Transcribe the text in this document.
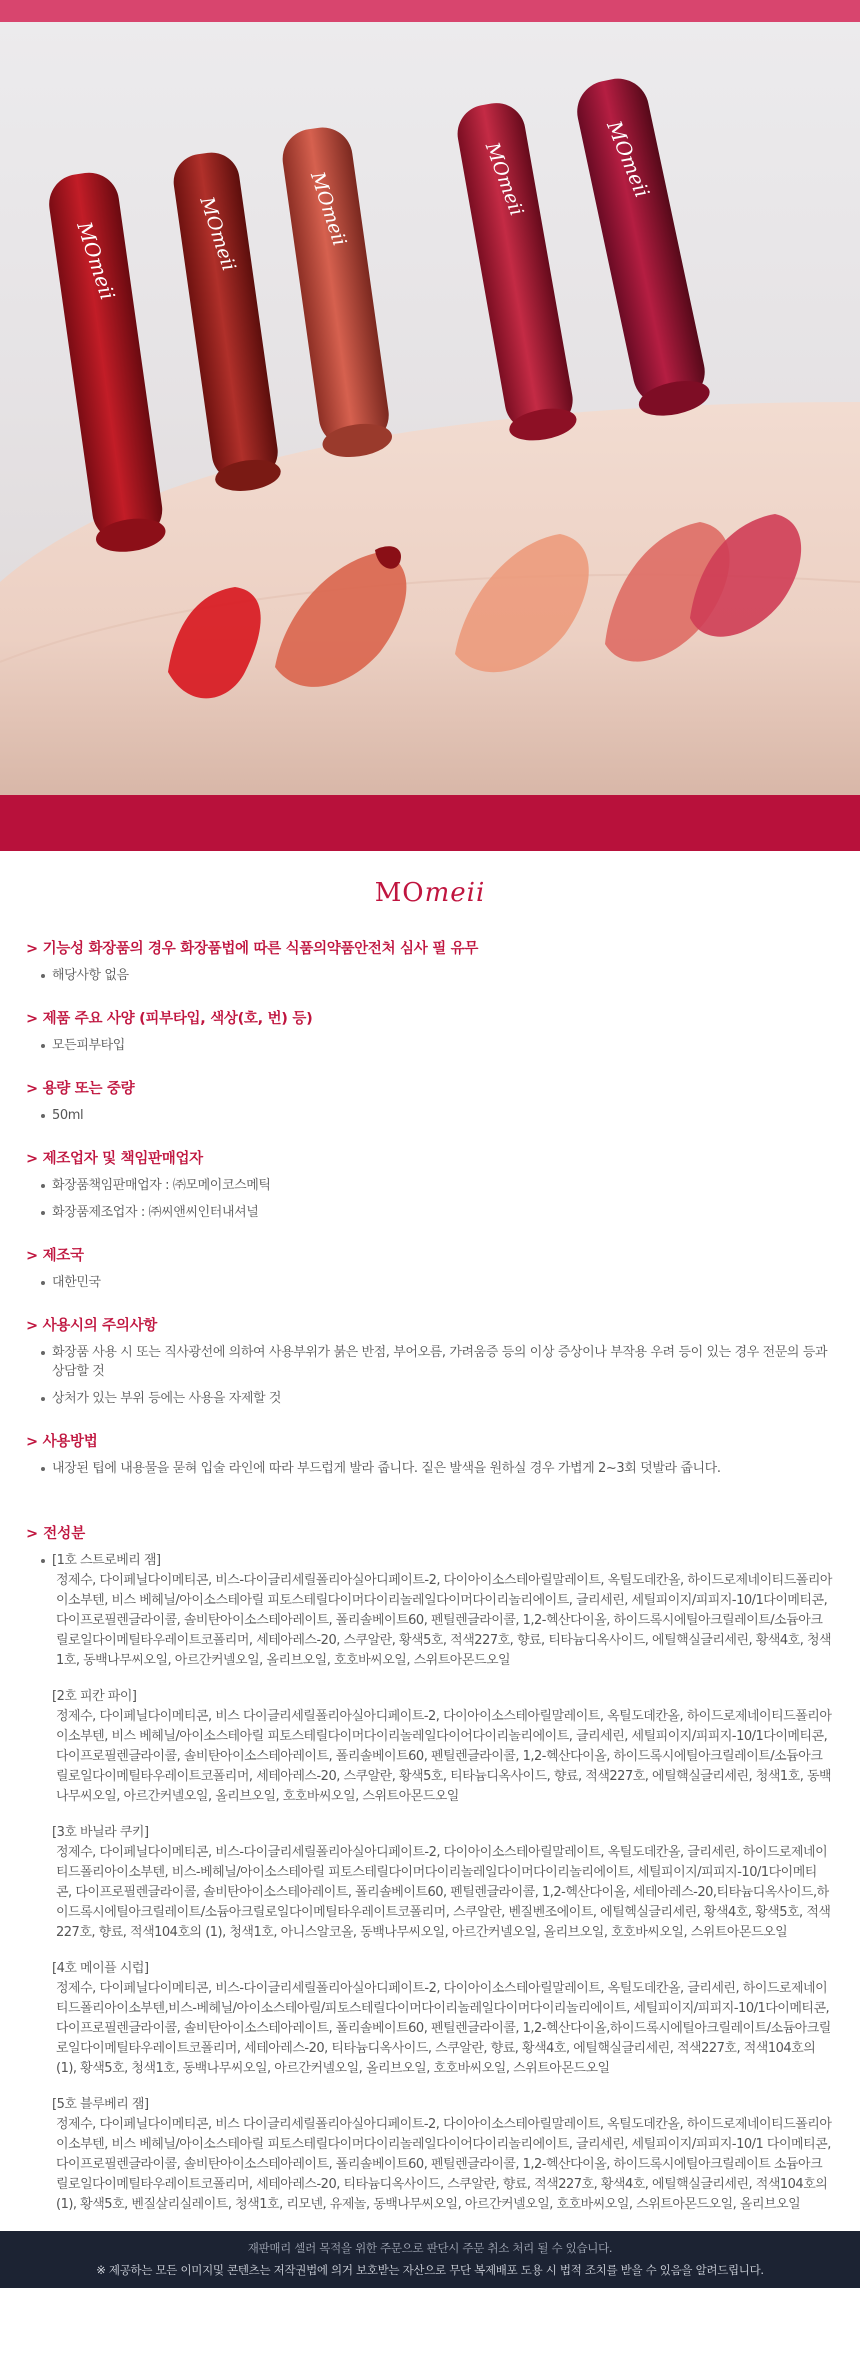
MOmeii	MOmeii	MOmeii	MOmeii	MOmeii
MOmeii
> 기능성 화장품의 경우 화장품법에 따른 식품의약품안전처 심사 필 유무
해당사항 없음
> 제품 주요 사양 (피부타입, 색상(호, 번) 등)
모든피부타입
> 용량 또는 중량
50ml
> 제조업자 및 책임판매업자
화장품책임판매업자 : ㈜모메이코스메틱
화장품제조업자 : ㈜씨앤씨인터내셔널
> 제조국
대한민국
> 사용시의 주의사항
화장품 사용 시 또는 직사광선에 의하여 사용부위가 붉은 반점, 부어오름, 가려움증 등의 이상 증상이나 부작용 우려 등이 있는 경우 전문의 등과 상담할 것
상처가 있는 부위 등에는 사용을 자제할 것
> 사용방법
내장된 팁에 내용물을 묻혀 입술 라인에 따라 부드럽게 발라 줍니다. 짙은 발색을 원하실 경우 가볍게 2~3회 덧발라 줍니다.
> 전성분
[1호 스트로베리 잼]
정제수, 다이페닐다이메티콘, 비스-다이글리세릴폴리아실아디페이트-2, 다이아이소스테아릴말레이트, 옥틸도데칸올, 하이드로제네이티드폴리아이소부텐, 비스 베헤닐/아이소스테아릴 피토스테릴다이머다이리놀레일다이머다이리놀리에이트, 글리세린, 세틸피이지/피피지-10/1다이메티콘, 다이프로필렌글라이콜, 솔비탄아이소스테아레이트, 폴리솔베이트60, 펜틸렌글라이콜, 1,2-헥산다이올, 하이드록시에틸아크릴레이트/소듐아크릴로일다이메틸타우레이트코폴리머, 세테아레스-20, 스쿠알란, 황색5호, 적색227호, 향료, 티타늄디옥사이드, 에틸핵실글리세린, 황색4호, 청색1호, 동백나무씨오일, 아르간커넬오일, 올리브오일, 호호바씨오일, 스위트아몬드오일
[2호 피칸 파이]
정제수, 다이페닐다이메티콘, 비스 다이글리세릴폴리아실아디페이트-2, 다이아이소스테아릴말레이트, 옥틸도데칸올, 하이드로제네이티드폴리아이소부텐, 비스 베헤닐/아이소스테아릴 피토스테릴다이머다이리놀레일다이어다이리놀리에이트, 글리세린, 세틸피이지/피피지-10/1다이메티콘, 다이프로필렌글라이콜, 솔비탄아이소스테아레이트, 폴리솔베이트60, 펜틸렌글라이콜, 1,2-헥산다이올, 하이드록시에틸아크릴레이트/소듐아크릴로일다이메틸타우레이트코폴리머, 세테아레스-20, 스쿠알란, 황색5호, 티타늄디옥사이드, 향료, 적색227호, 에틸핵실글리세린, 청색1호, 동백나무씨오일, 아르간커넬오일, 올리브오일, 호호바씨오일, 스위트아몬드오일
[3호 바닐라 쿠키]
정제수, 다이페닐다이메티콘, 비스-다이글리세릴폴리아실아디페이트-2, 다이아이소스테아릴말레이트, 옥틸도데칸올, 글리세린, 하이드로제네이티드폴리아이소부텐, 비스-베헤닐/아이소스테아릴 피토스테릴다이머다이리놀레일다이머다이리놀리에이트, 세틸피이지/피피지-10/1다이메티콘, 다이프로필렌글라이콜, 솔비탄아이소스테아레이트, 폴리솔베이트60, 펜틸렌글라이콜, 1,2-헥산다이올, 세테아레스-20,티타늄디옥사이드,하이드록시에틸아크릴레이트/소듐아크릴로일다이메틸타우레이트코폴리머, 스쿠알란, 벤질벤조에이트, 에틸헥실글리세린, 황색4호, 황색5호, 적색227호, 향료, 적색104호의 (1), 청색1호, 아니스알코올, 동백나무씨오일, 아르간커넬오일, 올리브오일, 호호바씨오일, 스위트아몬드오일
[4호 메이플 시럽]
정제수, 다이페닐다이메티콘, 비스-다이글리세릴폴리아실아디페이트-2, 다이아이소스테아릴말레이트, 옥틸도데칸올, 글리세린, 하이드로제네이티드폴리아이소부텐,비스-베헤닐/아이소스테아릴/피토스테릴다이머다이리놀레일다이머다이리놀리에이트, 세틸피이지/피피지-10/1다이메티콘, 다이프로필렌글라이콜, 솔비탄아이소스테아레이트, 폴리솔베이트60, 펜틸렌글라이콜, 1,2-헥산다이올,하이드록시에틸아크릴레이트/소듐아크릴로일다이메틸타우레이트코폴리머, 세테아레스-20, 티타늄디옥사이드, 스쿠알란, 향료, 황색4호, 에틸핵실글리세린, 적색227호, 적색104호의(1), 황색5호, 청색1호, 동백나무씨오일, 아르간커넬오일, 올리브오일, 호호바씨오일, 스위트아몬드오일
[5호 블루베리 잼]
정제수, 다이페닐다이메티콘, 비스 다이글리세릴폴리아실아디페이트-2, 다이아이소스테아릴말레이트, 옥틸도데칸올, 하이드로제네이티드폴리아이소부텐, 비스 베헤닐/아이소스테아릴 피토스테릴다이머다이리놀레일다이어다이리놀리에이트, 글리세린, 세틸피이지/피피지-10/1 다이메티콘, 다이프로필렌글라이콜, 솔비탄아이소스테아레이트, 폴리솔베이트60, 펜틸렌글라이콜, 1,2-헥산다이올, 하이드록시에틸아크릴레이트 소듐아크릴로일다이메틸타우레이트코폴리머, 세테아레스-20, 티타늄디옥사이드, 스쿠알란, 향료, 적색227호, 황색4호, 에틸핵실글리세린, 적색104호의(1), 황색5호, 벤질살리실레이트, 청색1호, 리모넨, 유제놀, 동백나무씨오일, 아르간커넬오일, 호호바씨오일, 스위트아몬드오일, 올리브오일
재판매리 셀러 목적을 위한 주문으로 판단시 주문 취소 처리 될 수 있습니다.
※ 제공하는 모든 이미지및 콘텐츠는 저작권법에 의거 보호받는 자산으로 무단 복제배포 도용 시 법적 조치를 받을 수 있음을 알려드립니다.
